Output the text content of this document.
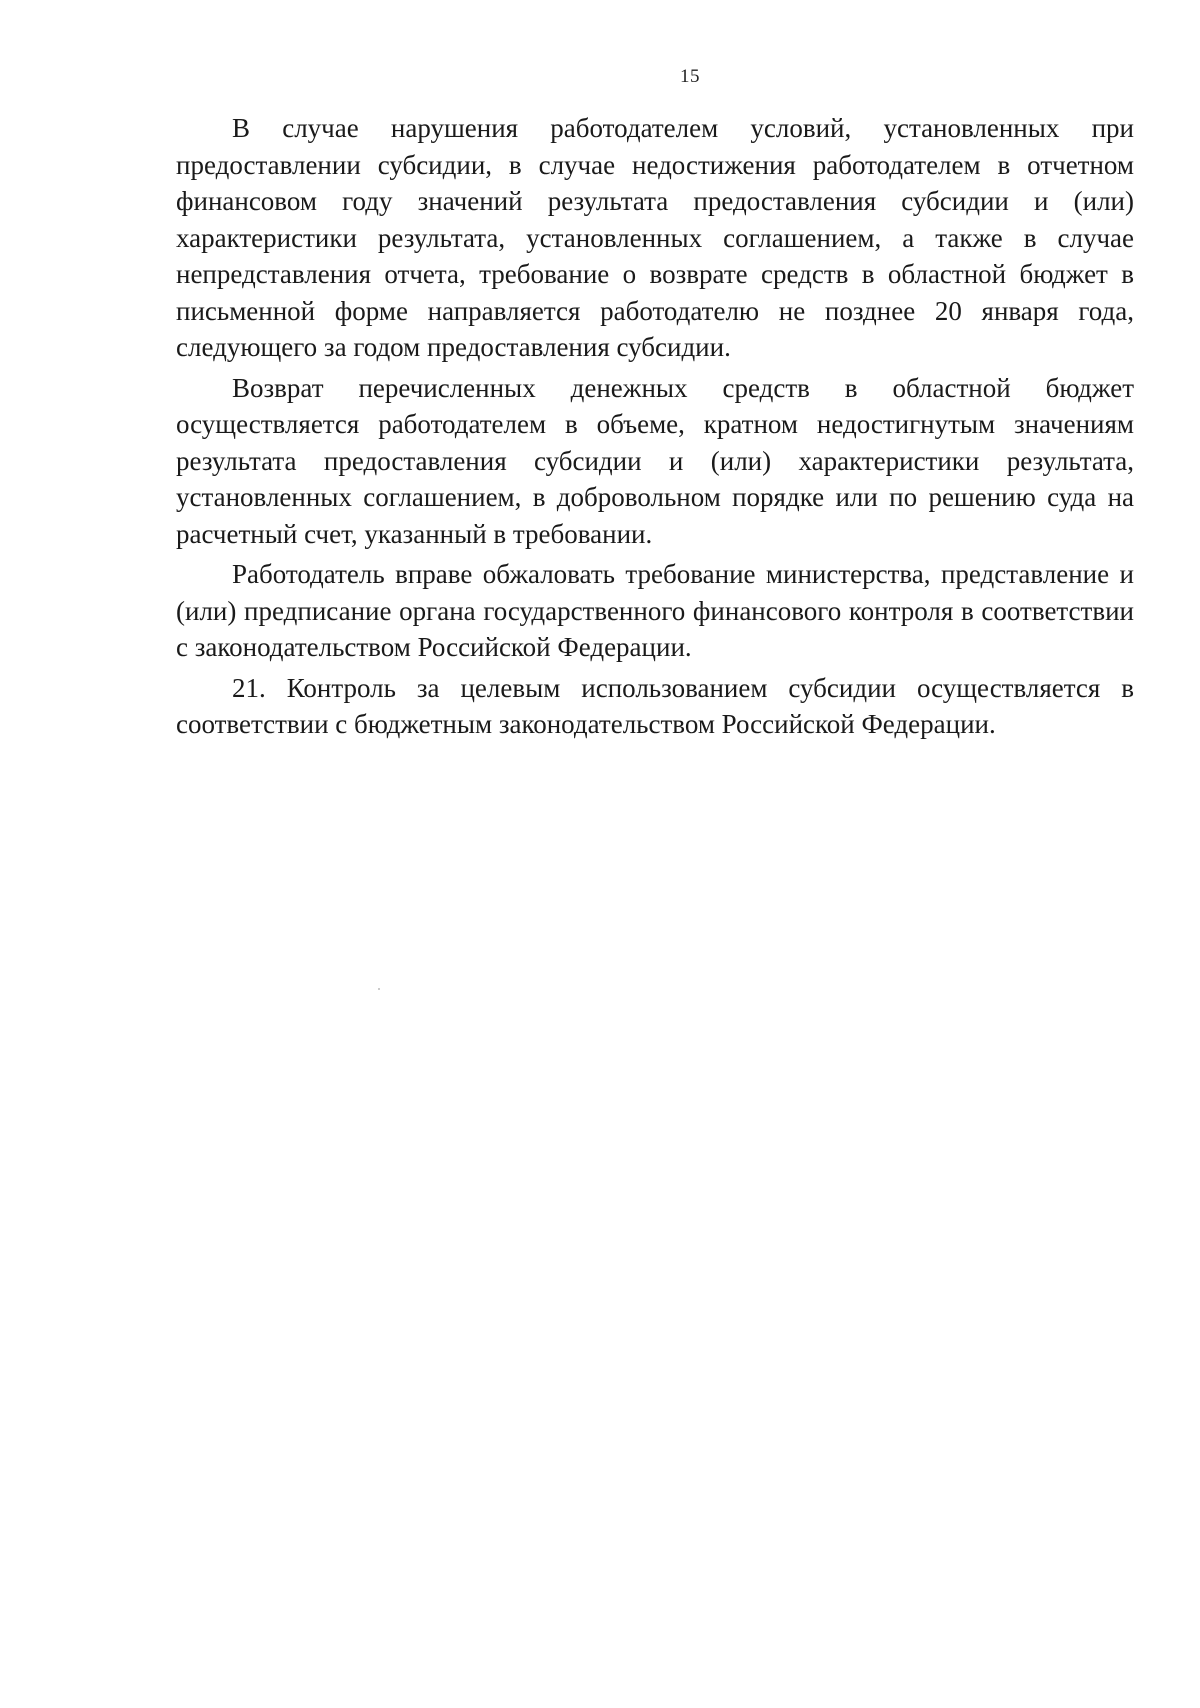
15

В случае нарушения работодателем условий, установленных при предоставлении субсидии, в случае недостижения работодателем в отчетном финансовом году значений результата предоставления субсидии и (или) характеристики результата, установленных соглашением, а также в случае непредставления отчета, требование о возврате средств в областной бюджет в письменной форме направляется работодателю не позднее 20 января года, следующего за годом предоставления субсидии.

Возврат перечисленных денежных средств в областной бюджет осуществляется работодателем в объеме, кратном недостигнутым значениям результата предоставления субсидии и (или) характеристики результата, установленных соглашением, в добровольном порядке или по решению суда на расчетный счет, указанный в требовании.

Работодатель вправе обжаловать требование министерства, представление и (или) предписание органа государственного финансового контроля в соответствии с законодательством Российской Федерации.

21. Контроль за целевым использованием субсидии осуществляется в соответствии с бюджетным законодательством Российской Федерации.
